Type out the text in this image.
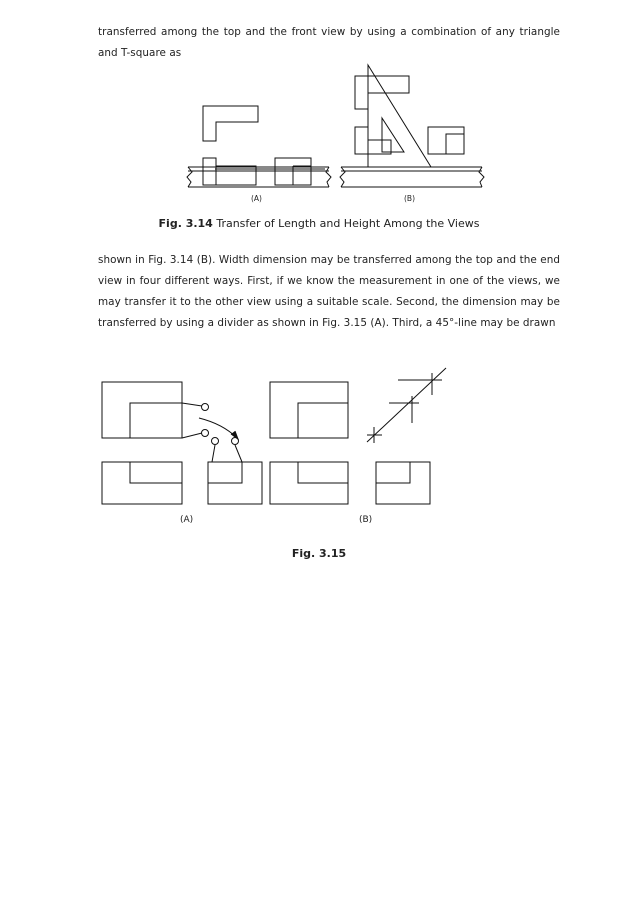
transferred among the top and the front view by using a combination of any triangle and T-square as

(A)	(B)

Fig. 3.14 Transfer of Length and Height Among the Views

shown in Fig. 3.14 (B). Width dimension may be transferred among the top and the end view in four different ways. First, if we know the measurement in one of the views, we may transfer it to the other view using a suitable scale. Second, the dimension may be transferred by using a divider as shown in Fig. 3.15 (A). Third, a 45°-line may be drawn

(A)	(B)

Fig. 3.15
